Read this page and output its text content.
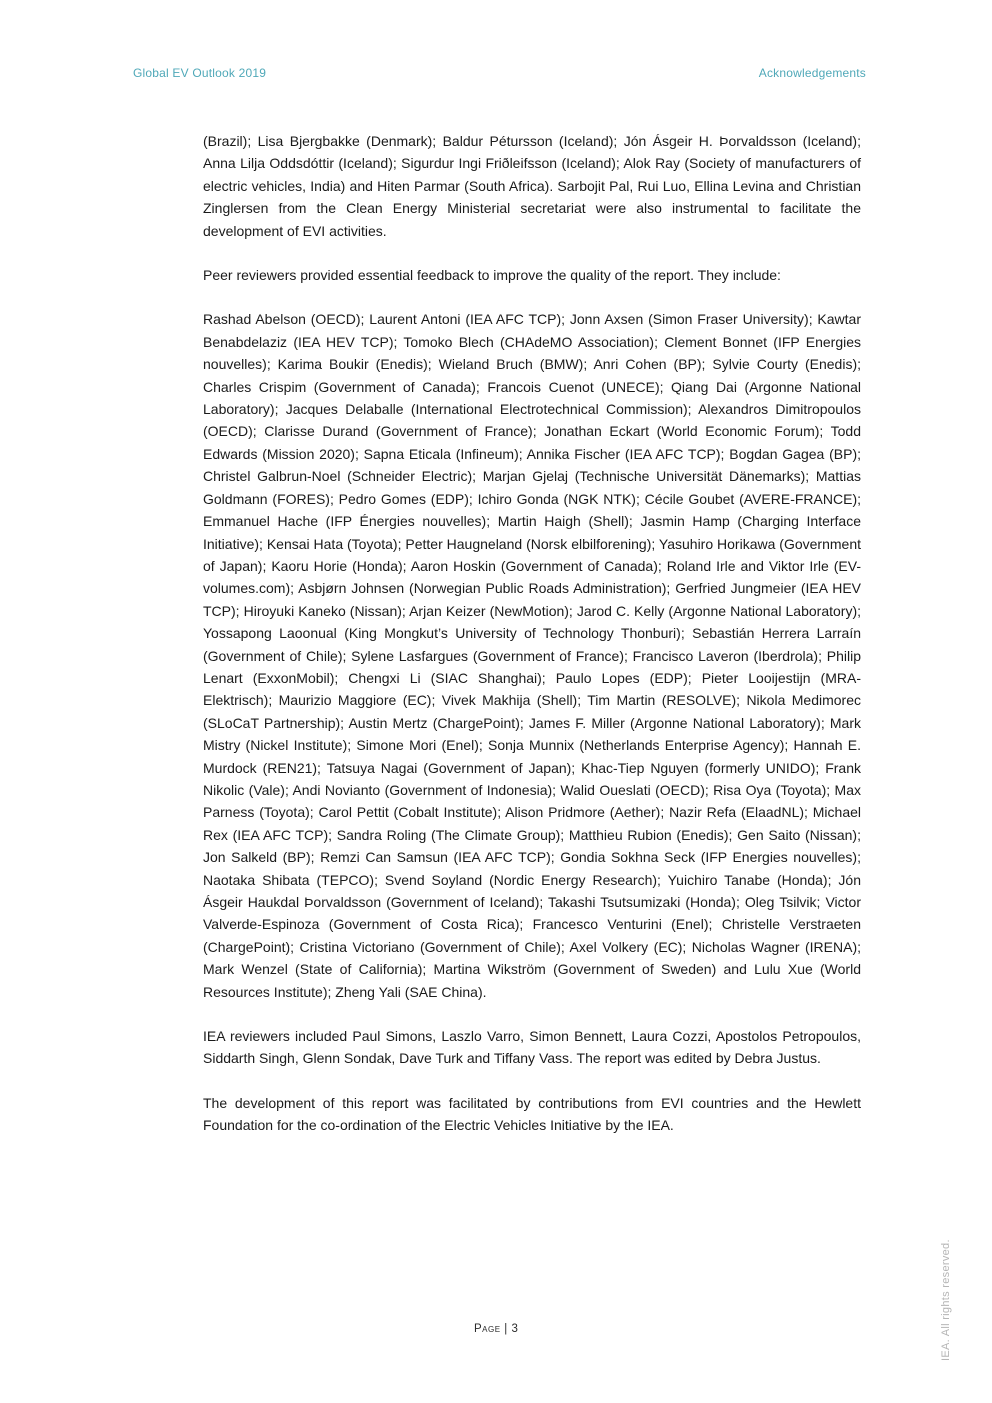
Global EV Outlook 2019	Acknowledgements

(Brazil); Lisa Bjergbakke (Denmark); Baldur Pétursson (Iceland); Jón Ásgeir H. Þorvaldsson (Iceland); Anna Lilja Oddsdóttir (Iceland); Sigurdur Ingi Friðleifsson (Iceland); Alok Ray (Society of manufacturers of electric vehicles, India) and Hiten Parmar (South Africa). Sarbojit Pal, Rui Luo, Ellina Levina and Christian Zinglersen from the Clean Energy Ministerial secretariat were also instrumental to facilitate the development of EVI activities.

Peer reviewers provided essential feedback to improve the quality of the report. They include:

Rashad Abelson (OECD); Laurent Antoni (IEA AFC TCP); Jonn Axsen (Simon Fraser University); Kawtar Benabdelaziz (IEA HEV TCP); Tomoko Blech (CHAdeMO Association); Clement Bonnet (IFP Energies nouvelles); Karima Boukir (Enedis); Wieland Bruch (BMW); Anri Cohen (BP); Sylvie Courty (Enedis); Charles Crispim (Government of Canada); Francois Cuenot (UNECE); Qiang Dai (Argonne National Laboratory); Jacques Delaballe (International Electrotechnical Commission); Alexandros Dimitropoulos (OECD); Clarisse Durand (Government of France); Jonathan Eckart (World Economic Forum); Todd Edwards (Mission 2020); Sapna Eticala (Infineum); Annika Fischer (IEA AFC TCP); Bogdan Gagea (BP); Christel Galbrun-Noel (Schneider Electric); Marjan Gjelaj (Technische Universität Dänemarks); Mattias Goldmann (FORES); Pedro Gomes (EDP); Ichiro Gonda (NGK NTK); Cécile Goubet (AVERE-FRANCE); Emmanuel Hache (IFP Énergies nouvelles); Martin Haigh (Shell); Jasmin Hamp (Charging Interface Initiative); Kensai Hata (Toyota); Petter Haugneland (Norsk elbilforening); Yasuhiro Horikawa (Government of Japan); Kaoru Horie (Honda); Aaron Hoskin (Government of Canada); Roland Irle and Viktor Irle (EV-volumes.com); Asbjørn Johnsen (Norwegian Public Roads Administration); Gerfried Jungmeier (IEA HEV TCP); Hiroyuki Kaneko (Nissan); Arjan Keizer (NewMotion); Jarod C. Kelly (Argonne National Laboratory); Yossapong Laoonual (King Mongkut’s University of Technology Thonburi); Sebastián Herrera Larraín (Government of Chile); Sylene Lasfargues (Government of France); Francisco Laveron (Iberdrola); Philip Lenart (ExxonMobil); Chengxi Li (SIAC Shanghai); Paulo Lopes (EDP); Pieter Looijestijn (MRA-Elektrisch); Maurizio Maggiore (EC); Vivek Makhija (Shell); Tim Martin (RESOLVE); Nikola Medimorec (SLoCaT Partnership); Austin Mertz (ChargePoint); James F. Miller (Argonne National Laboratory); Mark Mistry (Nickel Institute); Simone Mori (Enel); Sonja Munnix (Netherlands Enterprise Agency); Hannah E. Murdock (REN21); Tatsuya Nagai (Government of Japan); Khac-Tiep Nguyen (formerly UNIDO); Frank Nikolic (Vale); Andi Novianto (Government of Indonesia); Walid Oueslati (OECD); Risa Oya (Toyota); Max Parness (Toyota); Carol Pettit (Cobalt Institute); Alison Pridmore (Aether); Nazir Refa (ElaadNL); Michael Rex (IEA AFC TCP); Sandra Roling (The Climate Group); Matthieu Rubion (Enedis); Gen Saito (Nissan); Jon Salkeld (BP); Remzi Can Samsun (IEA AFC TCP); Gondia Sokhna Seck (IFP Energies nouvelles); Naotaka Shibata (TEPCO); Svend Soyland (Nordic Energy Research); Yuichiro Tanabe (Honda); Jón Ásgeir Haukdal Þorvaldsson (Government of Iceland); Takashi Tsutsumizaki (Honda); Oleg Tsilvik; Victor Valverde-Espinoza (Government of Costa Rica); Francesco Venturini (Enel); Christelle Verstraeten (ChargePoint); Cristina Victoriano (Government of Chile); Axel Volkery (EC); Nicholas Wagner (IRENA); Mark Wenzel (State of California); Martina Wikström (Government of Sweden) and Lulu Xue (World Resources Institute); Zheng Yali (SAE China).

IEA reviewers included Paul Simons, Laszlo Varro, Simon Bennett, Laura Cozzi, Apostolos Petropoulos, Siddarth Singh, Glenn Sondak, Dave Turk and Tiffany Vass. The report was edited by Debra Justus.

The development of this report was facilitated by contributions from EVI countries and the Hewlett Foundation for the co-ordination of the Electric Vehicles Initiative by the IEA.

Page | 3	IEA. All rights reserved.
